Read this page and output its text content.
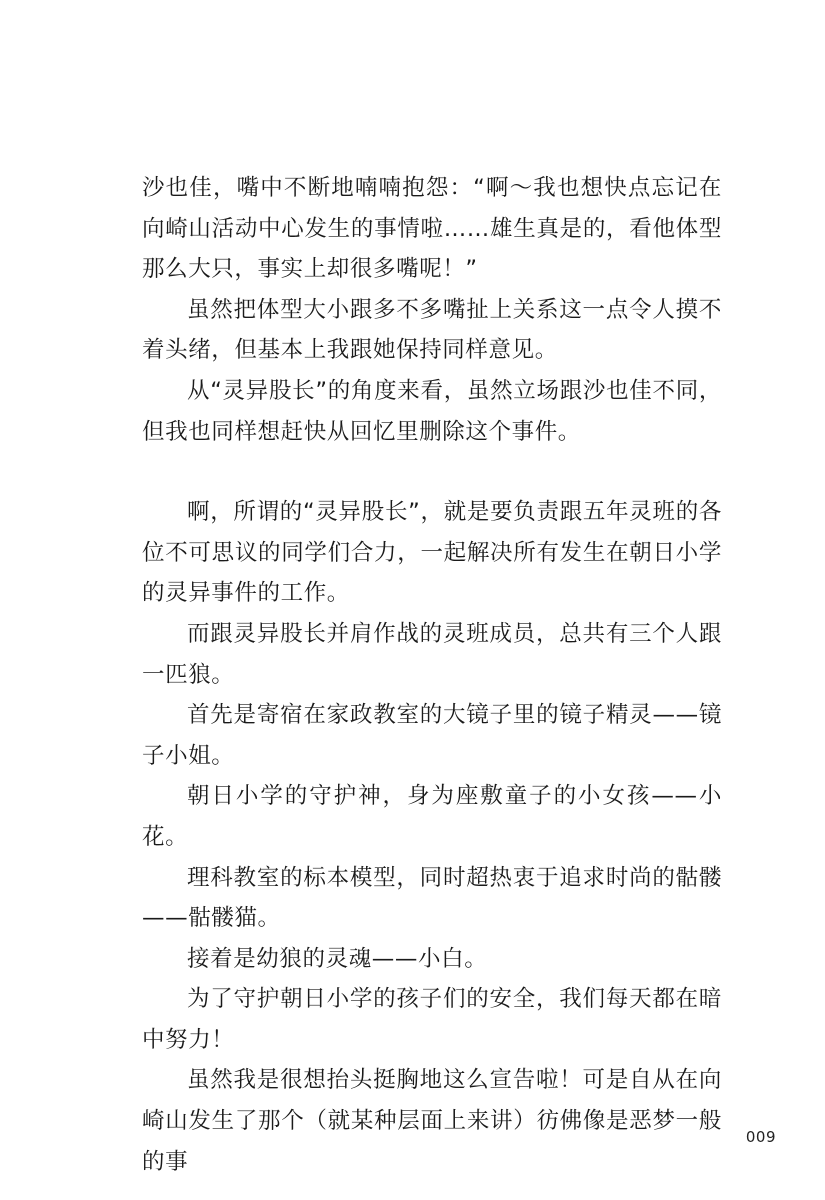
沙也佳，嘴中不断地喃喃抱怨：“啊～我也想快点忘记在向崎山活动中心发生的事情啦……雄生真是的，看他体型那么大只，事实上却很多嘴呢！”

虽然把体型大小跟多不多嘴扯上关系这一点令人摸不着头绪，但基本上我跟她保持同样意见。

从“灵异股长”的角度来看，虽然立场跟沙也佳不同，但我也同样想赶快从回忆里删除这个事件。

啊，所谓的“灵异股长”，就是要负责跟五年灵班的各位不可思议的同学们合力，一起解决所有发生在朝日小学的灵异事件的工作。

而跟灵异股长并肩作战的灵班成员，总共有三个人跟一匹狼。

首先是寄宿在家政教室的大镜子里的镜子精灵——镜子小姐。

朝日小学的守护神，身为座敷童子的小女孩——小花。

理科教室的标本模型，同时超热衷于追求时尚的骷髅——骷髅猫。

接着是幼狼的灵魂——小白。

为了守护朝日小学的孩子们的安全，我们每天都在暗中努力！

虽然我是很想抬头挺胸地这么宣告啦！可是自从在向崎山发生了那个（就某种层面上来讲）彷佛像是恶梦一般的事

009
